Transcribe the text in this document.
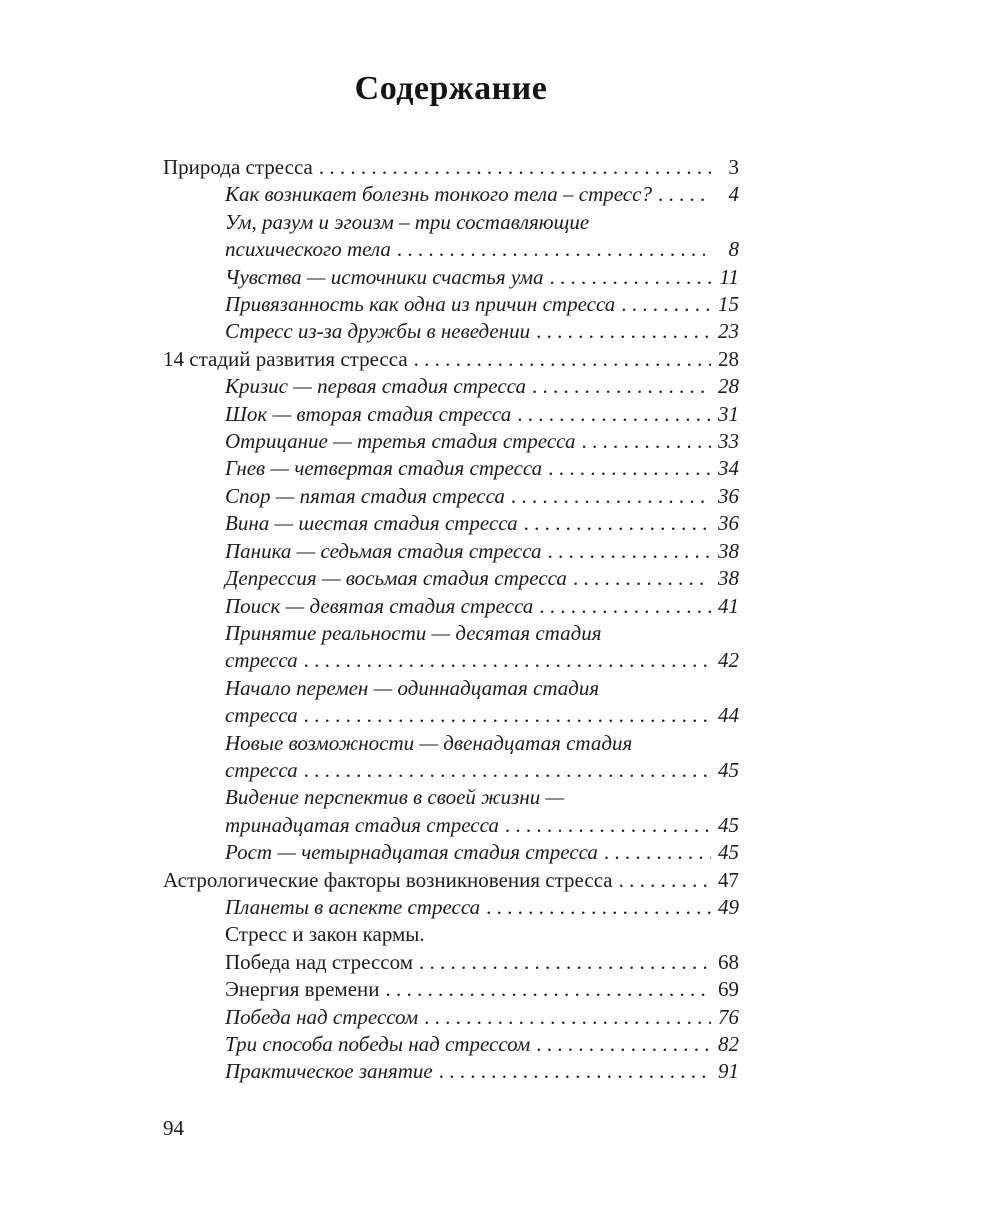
Содержание
Природа стресса . . .	3
Как возникает болезнь тонкого тела – стресс? . . .	4
Ум, разум и эгоизм – три составляющие
психического тела . . .	8
Чувства — источники счастья ума . . .	11
Привязанность как одна из причин стресса . . .	15
Стресс из-за дружбы в неведении . . .	23
14 стадий развития стресса . . .	28
Кризис — первая стадия стресса . . .	28
Шок — вторая стадия стресса . . .	31
Отрицание — третья стадия стресса . . .	33
Гнев — четвертая стадия стресса . . .	34
Спор — пятая стадия стресса . . .	36
Вина — шестая стадия стресса . . .	36
Паника — седьмая стадия стресса . . .	38
Депрессия — восьмая стадия стресса . . .	38
Поиск — девятая стадия стресса . . .	41
Принятие реальности — десятая стадия
стресса . . .	42
Начало перемен — одиннадцатая стадия
стресса . . .	44
Новые возможности — двенадцатая стадия
стресса . . .	45
Видение перспектив в своей жизни —
тринадцатая стадия стресса . . .	45
Рост — четырнадцатая стадия стресса . . .	45
Астрологические факторы возникновения стресса . . .	47
Планеты в аспекте стресса . . .	49
Стресс и закон кармы.
Победа над стрессом . . .	68
Энергия времени . . .	69
Победа над стрессом . . .	76
Три способа победы над стрессом . . .	82
Практическое занятие . . .	91
94
